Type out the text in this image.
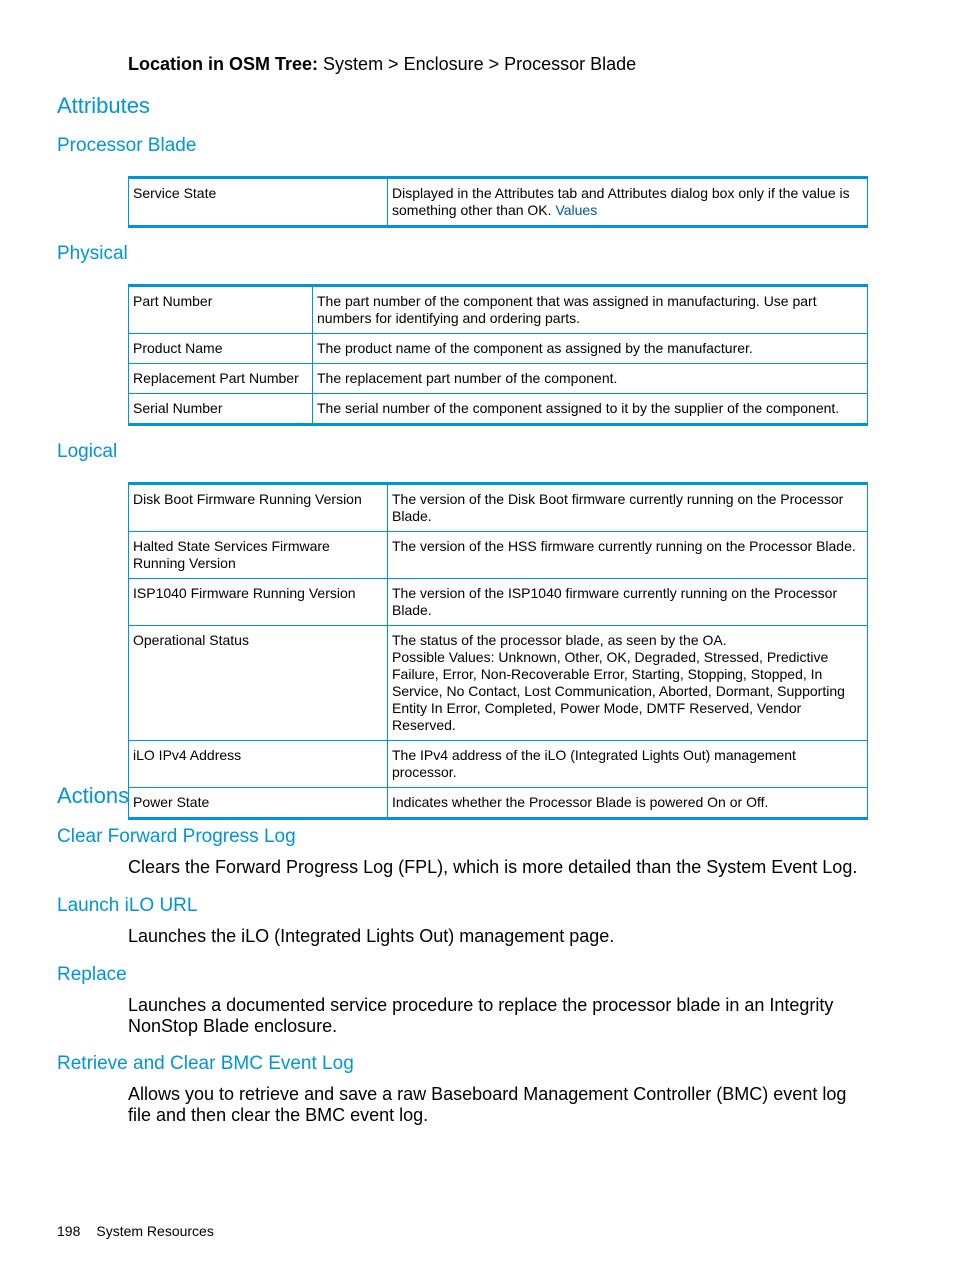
Location in OSM Tree: System > Enclosure > Processor Blade
Attributes
Processor Blade
Service State	Displayed in the Attributes tab and Attributes dialog box only if the value is something other than OK. Values
Physical
Part Number	The part number of the component that was assigned in manufacturing. Use part numbers for identifying and ordering parts.
Product Name	The product name of the component as assigned by the manufacturer.
Replacement Part Number	The replacement part number of the component.
Serial Number	The serial number of the component assigned to it by the supplier of the component.
Logical
Disk Boot Firmware Running Version	The version of the Disk Boot firmware currently running on the Processor Blade.
Halted State Services Firmware Running Version	The version of the HSS firmware currently running on the Processor Blade.
ISP1040 Firmware Running Version	The version of the ISP1040 firmware currently running on the Processor Blade.
Operational Status	The status of the processor blade, as seen by the OA.
Possible Values: Unknown, Other, OK, Degraded, Stressed, Predictive Failure, Error, Non-Recoverable Error, Starting, Stopping, Stopped, In Service, No Contact, Lost Communication, Aborted, Dormant, Supporting Entity In Error, Completed, Power Mode, DMTF Reserved, Vendor Reserved.

iLO IPv4 Address	The IPv4 address of the iLO (Integrated Lights Out) management processor.
Power State	Indicates whether the Processor Blade is powered On or Off.
Actions
Clear Forward Progress Log
Clears the Forward Progress Log (FPL), which is more detailed than the System Event Log.
Launch iLO URL
Launches the iLO (Integrated Lights Out) management page.
Replace
Launches a documented service procedure to replace the processor blade in an Integrity NonStop Blade enclosure.
Retrieve and Clear BMC Event Log
Allows you to retrieve and save a raw Baseboard Management Controller (BMC) event log file and then clear the BMC event log.
198 System Resources
